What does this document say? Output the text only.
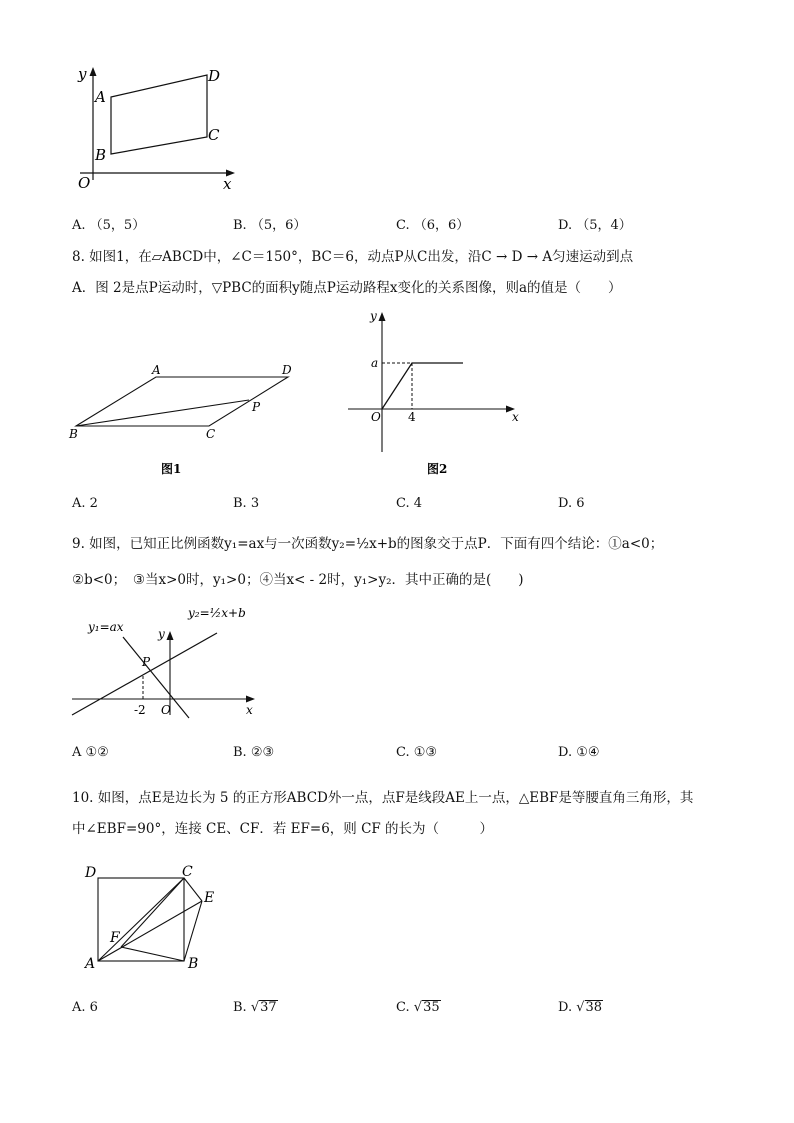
y
A
D
C
B
O	x
A. （5，5）	B. （5，6）	C. （6，6）	D. （5，4）
8. 如图1，在▱ABCD中，∠C＝150°，BC＝6，动点P从C出发，沿C → D → A匀速运动到点
A．图 2是点P运动时，▽PBC的面积y随点P运动路程x变化的关系图像，则a的值是（　　）
A	D
P
B	C
图1
y
a
O 4	x
图2
A. 2	B. 3	C. 4	D. 6
9. 如图，已知正比例函数y₁=ax与一次函数y₂=½x+b的图象交于点P．下面有四个结论：①a<0；
②b<0；　③当x>0时，y₁>0；④当x< - 2时，y₁>y₂．其中正确的是(　　)
y₁=ax
y₂=½x+b
y
P
-2 O	x
A ①②	B. ②③	C. ①③	D. ①④
10. 如图，点E是边长为 5 的正方形ABCD外一点，点F是线段AE上一点，△EBF是等腰直角三角形，其
中∠EBF=90°，连接 CE、CF．若 EF=6，则 CF 的长为（　　　）
D	C
E
F
A	B
A. 6	B. √37	C. √35	D. √38
